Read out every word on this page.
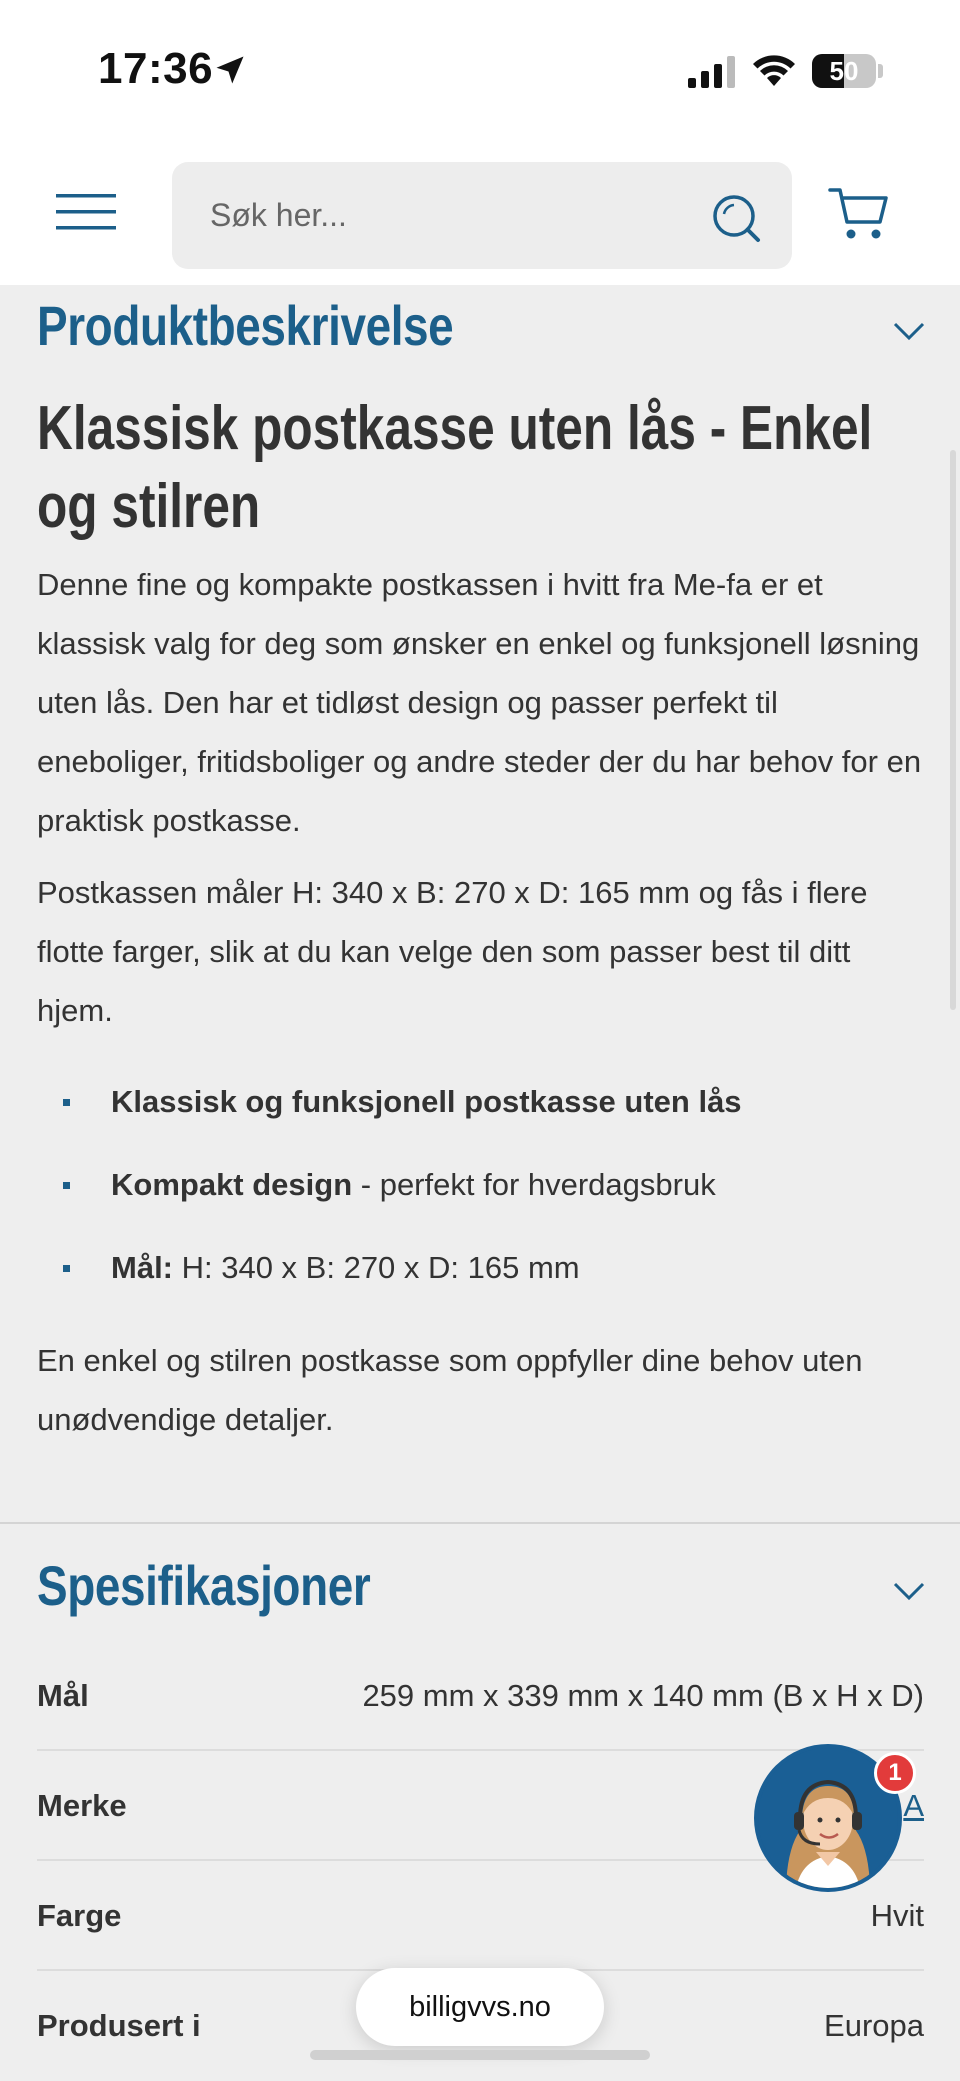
17:36	50
Søk her...
Produktbeskrivelse
Klassisk postkasse uten lås - Enkel og stilren

Denne fine og kompakte postkassen i hvitt fra Me-fa er et klassisk valg for deg som ønsker en enkel og funksjonell løsning uten lås. Den har et tidløst design og passer perfekt til eneboliger, fritidsboliger og andre steder der du har behov for en praktisk postkasse.

Postkassen måler H: 340 x B: 270 x D: 165 mm og fås i flere flotte farger, slik at du kan velge den som passer best til ditt hjem.

Klassisk og funksjonell postkasse uten lås
Kompakt design - perfekt for hverdagsbruk
Mål: H: 340 x B: 270 x D: 165 mm

En enkel og stilren postkasse som oppfyller dine behov uten unødvendige detaljer.

Spesifikasjoner
Mål	259 mm x 339 mm x 140 mm (B x H x D)
Merke	A
Farge	Hvit
Produsert i	Europa
1
billigvvs.no
